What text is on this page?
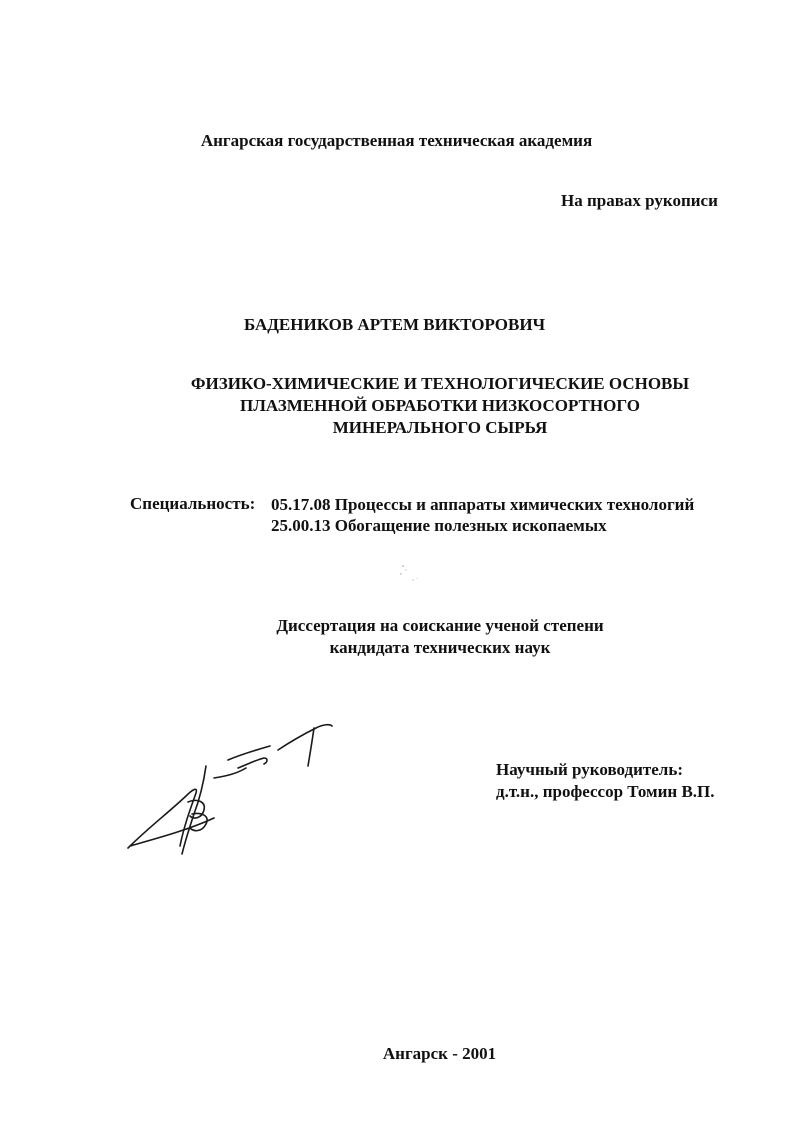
Ангарская государственная техническая академия
На правах рукописи
БАДЕНИКОВ АРТЕМ ВИКТОРОВИЧ
ФИЗИКО-ХИМИЧЕСКИЕ И ТЕХНОЛОГИЧЕСКИЕ ОСНОВЫ
ПЛАЗМЕННОЙ ОБРАБОТКИ НИЗКОСОРТНОГО
МИНЕРАЛЬНОГО СЫРЬЯ
Специальность: 05.17.08 Процессы и аппараты химических технологий
25.00.13 Обогащение полезных ископаемых
Диссертация на соискание ученой степени
кандидата технических наук
Научный руководитель:
д.т.н., профессор Томин В.П.
Ангарск - 2001
